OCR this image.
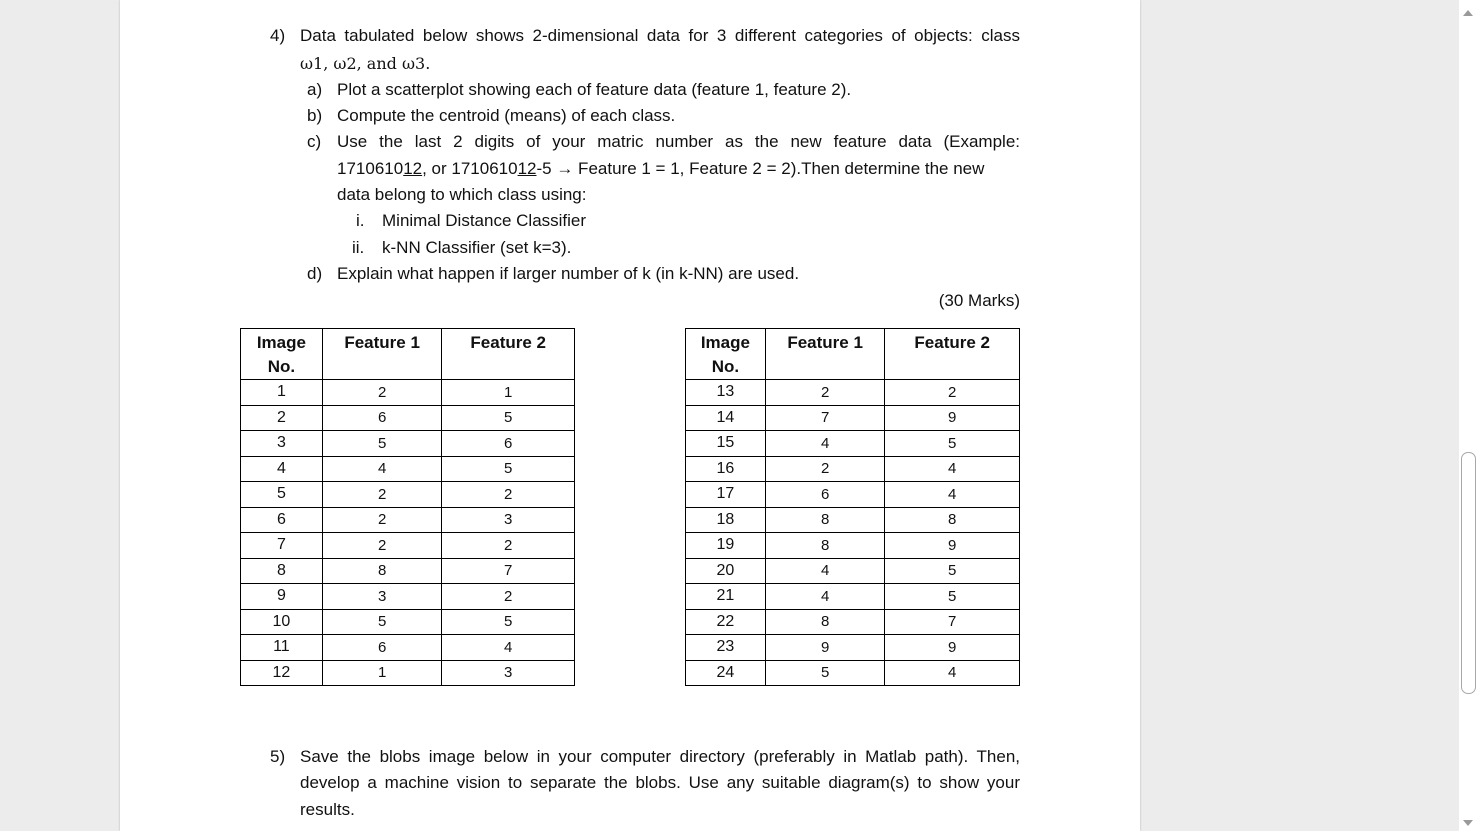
4) Data tabulated below shows 2-dimensional data for 3 different categories of objects: class
ω1, ω2, and ω3.
a) Plot a scatterplot showing each of feature data (feature 1, feature 2).
b) Compute the centroid (means) of each class.
c) Use the last 2 digits of your matric number as the new feature data (Example:
171061012, or 171061012-5 → Feature 1 = 1, Feature 2 = 2).Then determine the new
data belong to which class using:
i. Minimal Distance Classifier
ii. k-NN Classifier (set k=3).
d) Explain what happen if larger number of k (in k-NN) are used.
(30 Marks)
Image
No.	Feature 1	Feature 2
1	2	1
2	6	5
3	5	6
4	4	5
5	2	2
6	2	3
7	2	2
8	8	7
9	3	2
10	5	5
11	6	4
12	1	3
Image
No.	Feature 1	Feature 2
13	2	2
14	7	9
15	4	5
16	2	4
17	6	4
18	8	8
19	8	9
20	4	5
21	4	5
22	8	7
23	9	9
24	5	4
5) Save the blobs image below in your computer directory (preferably in Matlab path). Then,
develop a machine vision to separate the blobs. Use any suitable diagram(s) to show your
results.
